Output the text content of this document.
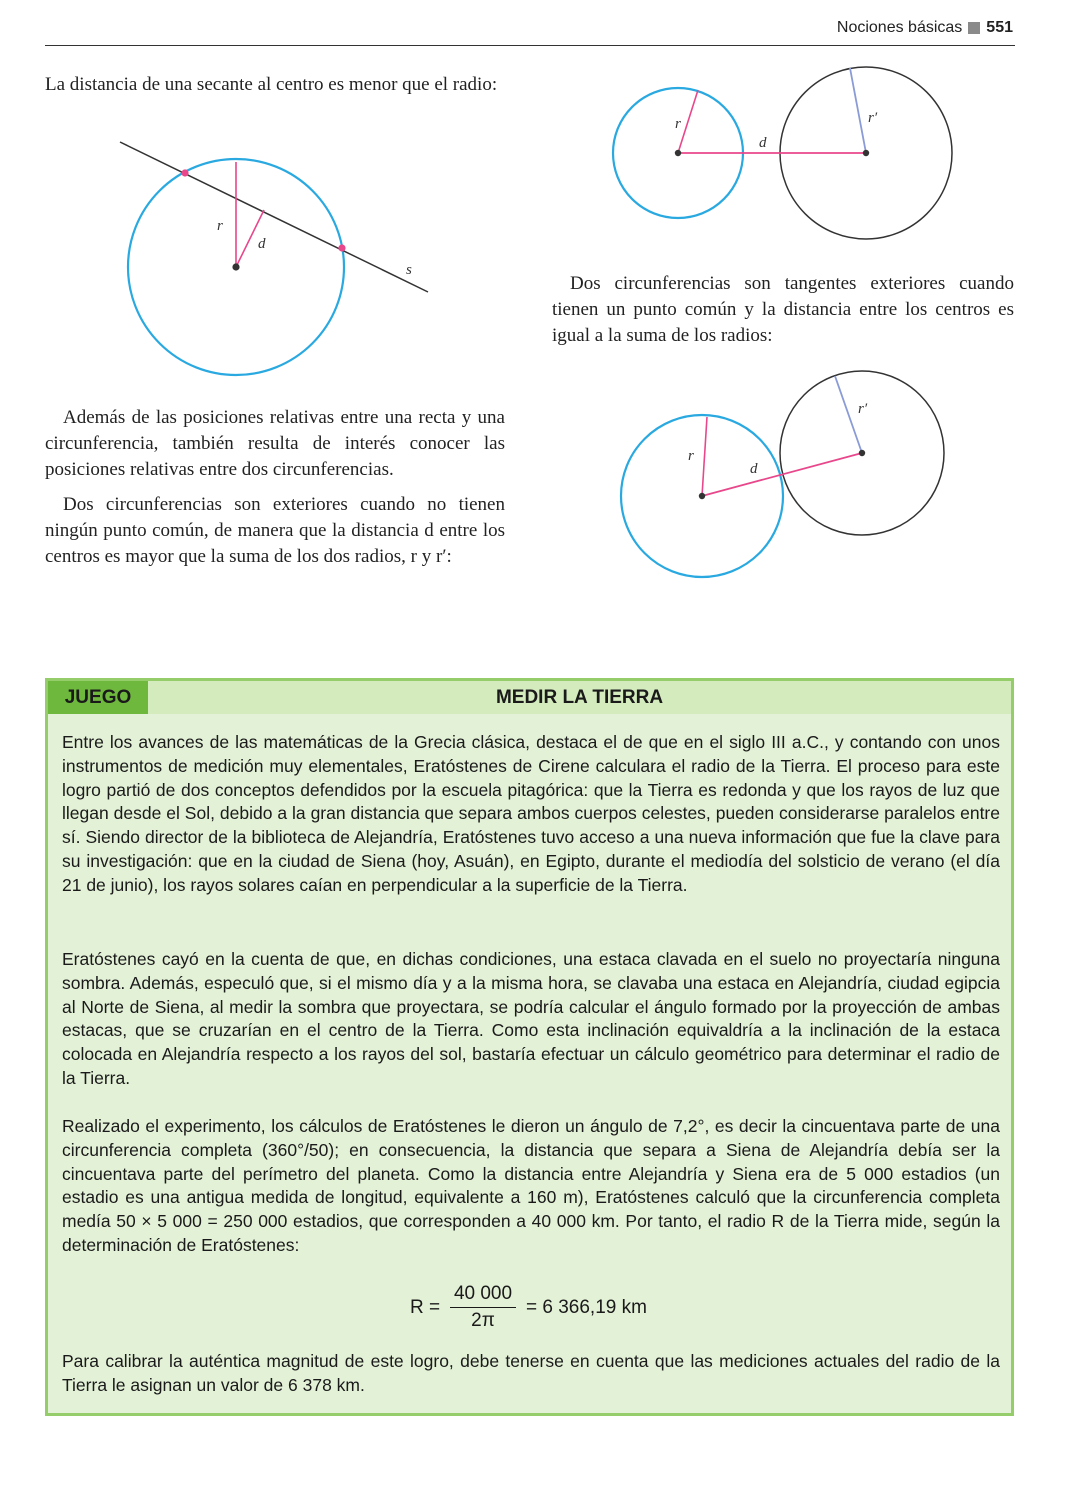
Nociones básicas 551
La distancia de una secante al centro es menor que el radio:
r
d
s
Además de las posiciones relativas entre una recta y una circunferencia, también resulta de interés conocer las posiciones relativas entre dos circunferencias.
Dos circunferencias son exteriores cuando no tienen ningún punto común, de manera que la distancia d entre los centros es mayor que la suma de los dos radios, r y r′:
r	r′
d
Dos circunferencias son tangentes exteriores cuando tienen un punto común y la distancia entre los centros es igual a la suma de los radios:
r
r′
d
JUEGO	MEDIR LA TIERRA
Entre los avances de las matemáticas de la Grecia clásica, destaca el de que en el siglo III a.C., y contando con unos instrumentos de medición muy elementales, Eratóstenes de Cirene calculara el radio de la Tierra. El proceso para este logro partió de dos conceptos defendidos por la escuela pitagórica: que la Tierra es redonda y que los rayos de luz que llegan desde el Sol, debido a la gran distancia que separa ambos cuerpos celestes, pueden considerarse paralelos entre sí. Siendo director de la biblioteca de Alejandría, Eratóstenes tuvo acceso a una nueva información que fue la clave para su investigación: que en la ciudad de Siena (hoy, Asuán), en Egipto, durante el mediodía del solsticio de verano (el día 21 de junio), los rayos solares caían en perpendicular a la superficie de la Tierra.
Eratóstenes cayó en la cuenta de que, en dichas condiciones, una estaca clavada en el suelo no proyectaría ninguna sombra. Además, especuló que, si el mismo día y a la misma hora, se clavaba una estaca en Alejandría, ciudad egipcia al Norte de Siena, al medir la sombra que proyectara, se podría calcular el ángulo formado por la proyección de ambas estacas, que se cruzarían en el centro de la Tierra. Como esta inclinación equivaldría a la inclinación de la estaca colocada en Alejandría respecto a los rayos del sol, bastaría efectuar un cálculo geométrico para determinar el radio de la Tierra.
Realizado el experimento, los cálculos de Eratóstenes le dieron un ángulo de 7,2°, es decir la cincuentava parte de una circunferencia completa (360°/50); en consecuencia, la distancia que separa a Siena de Alejandría debía ser la cincuentava parte del perímetro del planeta. Como la distancia entre Alejandría y Siena era de 5 000 estadios (un estadio es una antigua medida de longitud, equivalente a 160 m), Eratóstenes calculó que la circunferencia completa medía 50 × 5 000 = 250 000 estadios, que corresponden a 40 000 km. Por tanto, el radio R de la Tierra mide, según la determinación de Eratóstenes:
$R = \frac{40 000}{2\pi} = 6$ 366,19 km
Para calibrar la auténtica magnitud de este logro, debe tenerse en cuenta que las mediciones actuales del radio de la Tierra le asignan un valor de 6 378 km.
